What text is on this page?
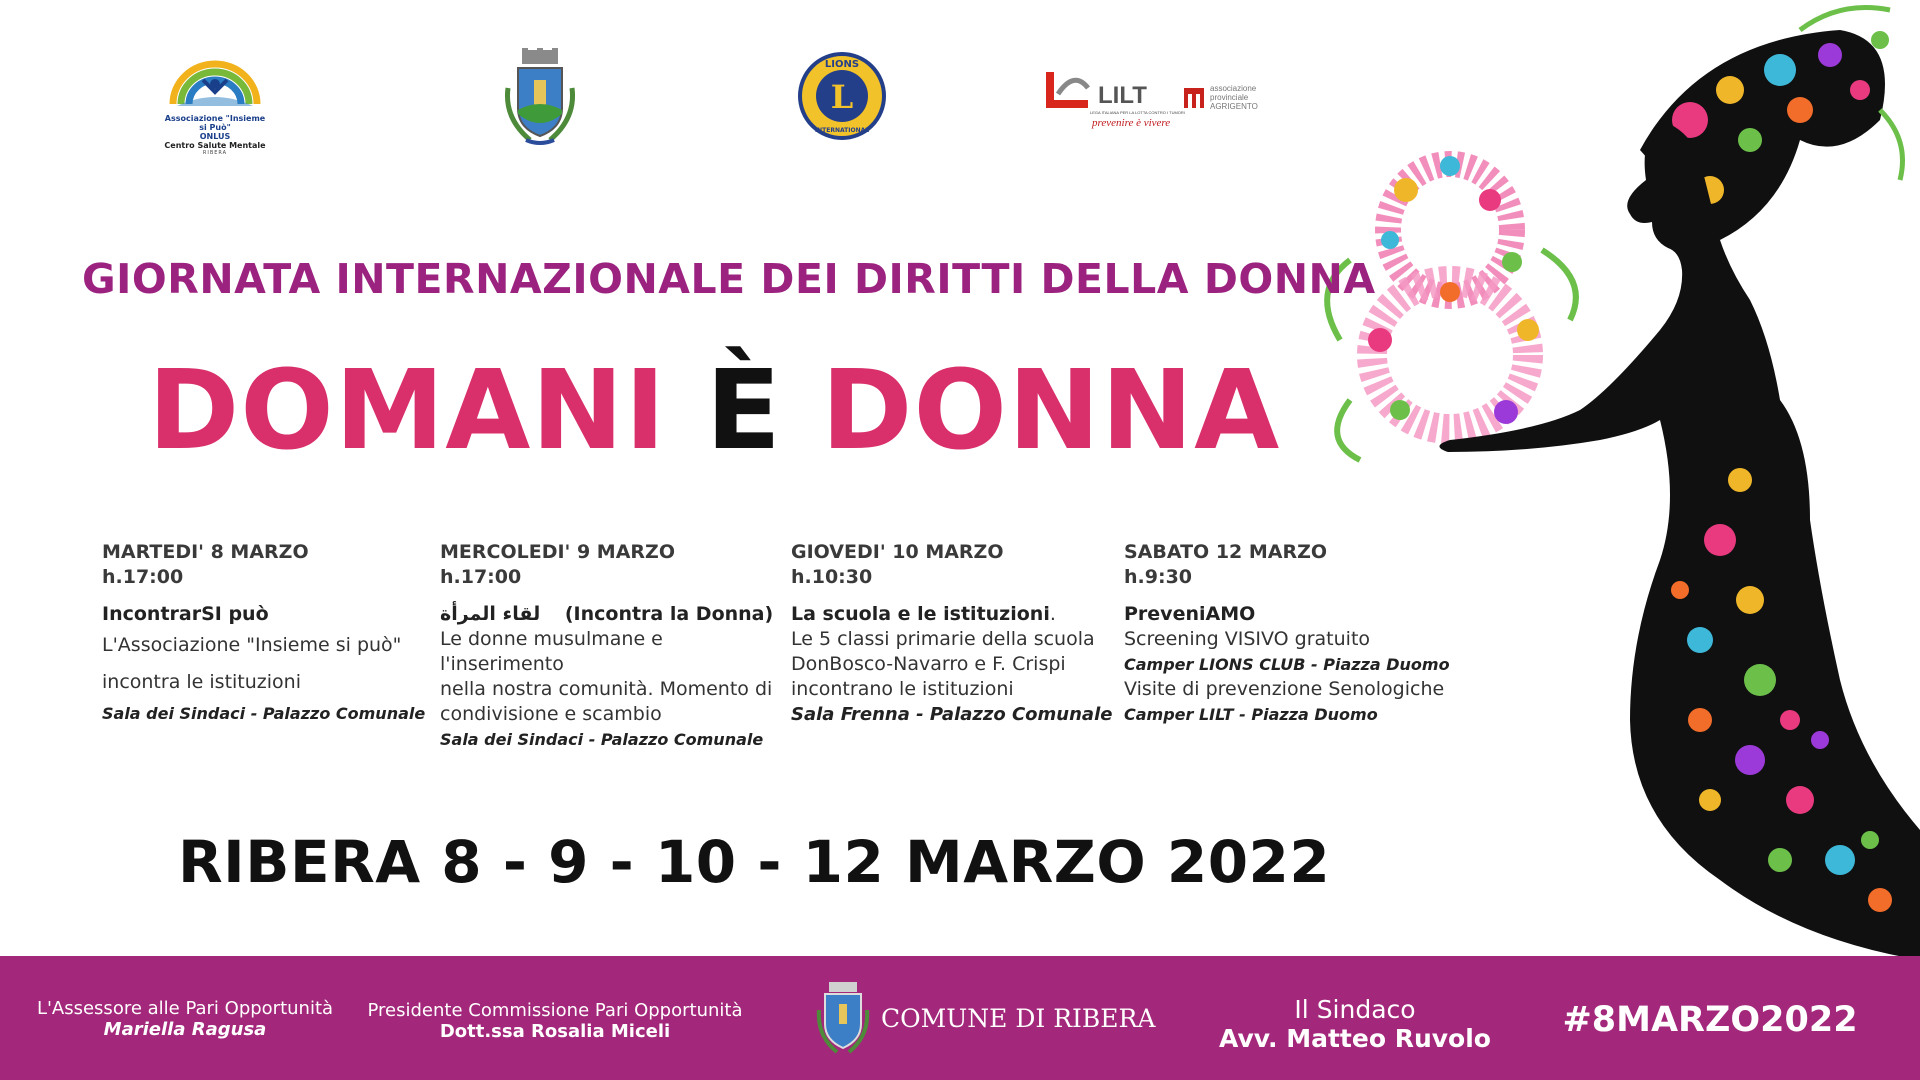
Associazione "Insieme si Può"
ONLUS
Centro Salute Mentale
RIBERA
L
LIONS
INTERNATIONAL
LILT
LEGA ITALIANA PER LA LOTTA CONTRO I TUMORI
prevenire è vivere
associazione
provinciale
AGRIGENTO
GIORNATA INTERNAZIONALE DEI DIRITTI DELLA DONNA
DOMANI È DONNA
MARTEDI' 8 MARZO
h.17:00
IncontrarSI può
L'Associazione "Insieme si può"
incontra le istituzioni
Sala dei Sindaci - Palazzo Comunale
MERCOLEDI' 9 MARZO
h.17:00
لقاء المرأة (Incontra la Donna)
Le donne musulmane e l'inserimento
nella nostra comunità. Momento di
condivisione e scambio
Sala dei Sindaci - Palazzo Comunale
GIOVEDI' 10 MARZO
h.10:30
La scuola e le istituzioni.
Le 5 classi primarie della scuola
DonBosco-Navarro e F. Crispi
incontrano le istituzioni
Sala Frenna - Palazzo Comunale
SABATO 12 MARZO
h.9:30
PreveniAMO
Screening VISIVO gratuito
Camper LIONS CLUB - Piazza Duomo
Visite di prevenzione Senologiche
Camper LILT - Piazza Duomo
RIBERA 8 - 9 - 10 - 12 MARZO 2022
L'Assessore alle Pari Opportunità
Mariella Ragusa
Presidente Commissione Pari Opportunità
Dott.ssa Rosalia Miceli	COMUNE DI RIBERA	Il Sindaco
Avv. Matteo Ruvolo	#8MARZO2022
